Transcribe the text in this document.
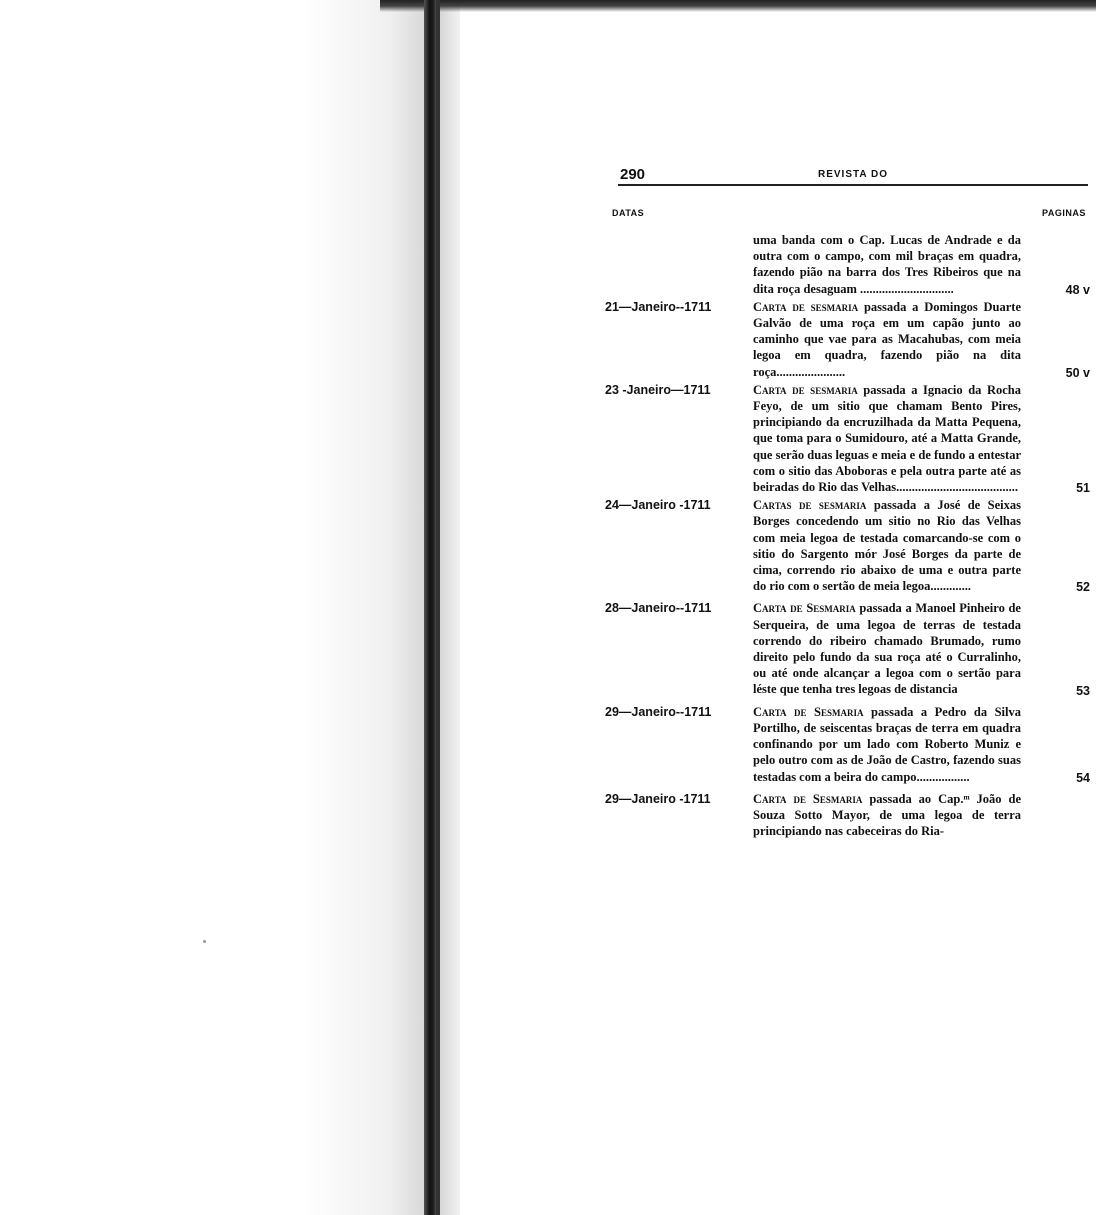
290	REVISTA DO
DATAS	PAGINAS
uma banda com o Cap. Lucas de Andrade e da outra com o campo, com mil braças em quadra, fazendo pião na barra dos Tres Ribeiros que na dita roça desaguam ..............................	48 v
21—Janeiro--1711	Carta de sesmaria passada a Domingos Duarte Galvão de uma roça em um capão junto ao caminho que vae para as Macahubas, com meia legoa em quadra, fazendo pião na dita roça......................	50 v
23 -Janeiro—1711	Carta de sesmaria passada a Ignacio da Rocha Feyo, de um sitio que chamam Bento Pires, principiando da encruzilhada da Matta Pequena, que toma para o Sumidouro, até a Matta Grande, que serão duas leguas e meia e de fundo a entestar com o sitio das Aboboras e pela outra parte até as beiradas do Rio das Velhas.......................................	51
24—Janeiro -1711	Cartas de sesmaria passada a José de Seixas Borges concedendo um sitio no Rio das Velhas com meia legoa de testada comarcando-se com o sitio do Sargento mór José Borges da parte de cima, correndo rio abaixo de uma e outra parte do rio com o sertão de meia legoa.............	52
28—Janeiro--1711	Carta de Sesmaria passada a Manoel Pinheiro de Serqueira, de uma legoa de terras de testada correndo do ribeiro chamado Brumado, rumo direito pelo fundo da sua roça até o Curralinho, ou até onde alcançar a legoa com o sertão para léste que tenha tres legoas de distancia	53
29—Janeiro--1711	Carta de Sesmaria passada a Pedro da Silva Portilho, de seiscentas braças de terra em quadra confinando por um lado com Roberto Muniz e pelo outro com as de João de Castro, fazendo suas testadas com a beira do campo.................	54
29—Janeiro -1711	Carta de Sesmaria passada ao Cap.ᵐ João de Souza Sotto Mayor, de uma legoa de terra principiando nas cabeceiras do Ria-
